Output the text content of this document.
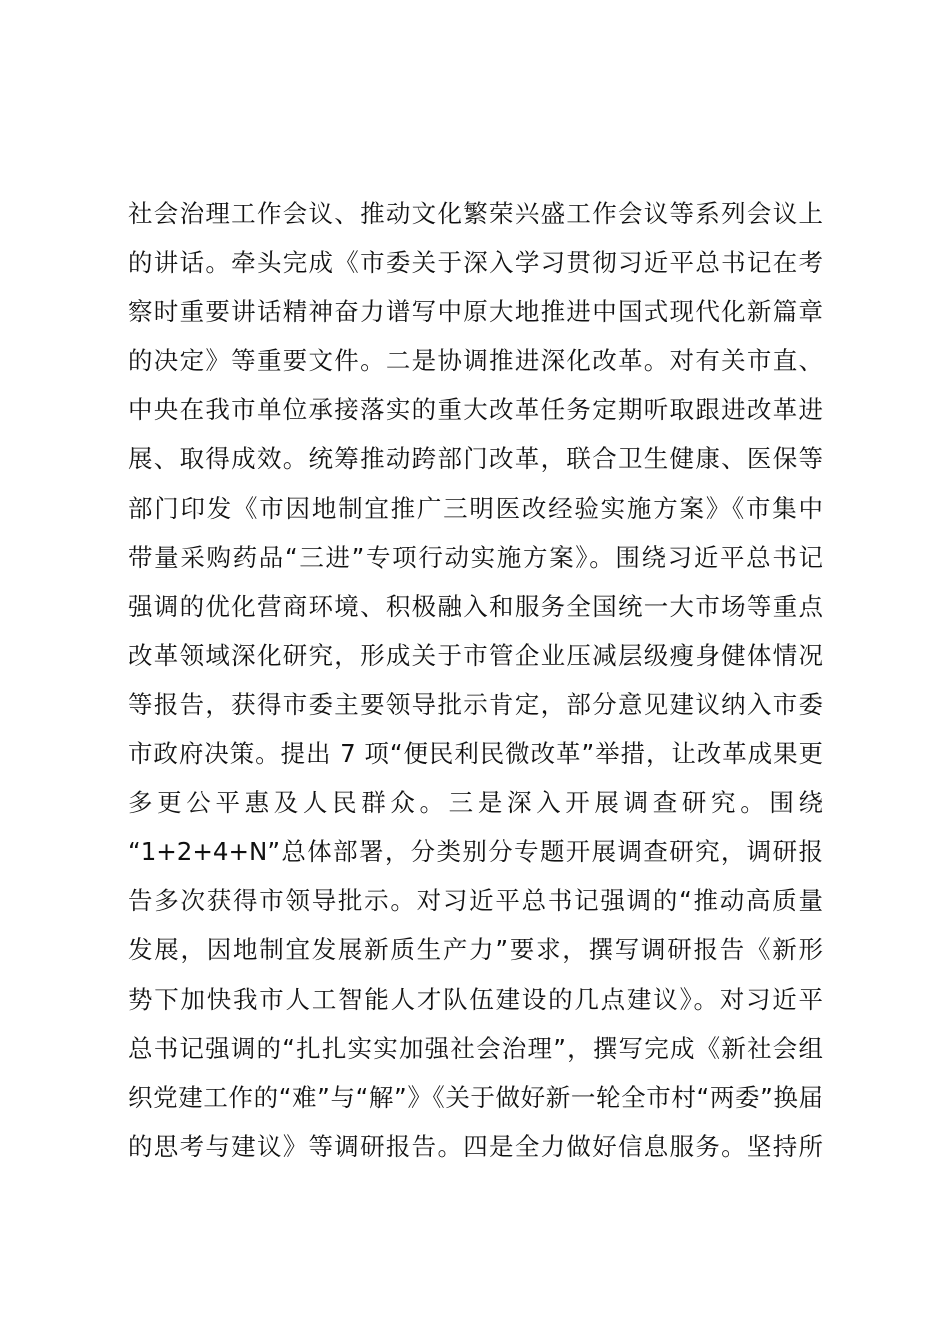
社会治理工作会议、推动文化繁荣兴盛工作会议等系列会议上
的讲话。牵头完成《市委关于深入学习贯彻习近平总书记在考
察时重要讲话精神奋力谱写中原大地推进中国式现代化新篇章
的决定》等重要文件。二是协调推进深化改革。对有关市直、
中央在我市单位承接落实的重大改革任务定期听取跟进改革进
展、取得成效。统筹推动跨部门改革，联合卫生健康、医保等
部门印发《市因地制宜推广三明医改经验实施方案》《市集中
带量采购药品“三进”专项行动实施方案》。围绕习近平总书记
强调的优化营商环境、积极融入和服务全国统一大市场等重点
改革领域深化研究，形成关于市管企业压减层级瘦身健体情况
等报告，获得市委主要领导批示肯定，部分意见建议纳入市委
市政府决策。提出 7 项“便民利民微改革”举措，让改革成果更
多更公平惠及人民群众。三是深入开展调查研究。围绕
“1+2+4+N”总体部署，分类别分专题开展调查研究，调研报
告多次获得市领导批示。对习近平总书记强调的“推动高质量
发展，因地制宜发展新质生产力”要求，撰写调研报告《新形
势下加快我市人工智能人才队伍建设的几点建议》。对习近平
总书记强调的“扎扎实实加强社会治理”，撰写完成《新社会组
织党建工作的“难”与“解”》《关于做好新一轮全市村“两委”换届
的思考与建议》等调研报告。四是全力做好信息服务。坚持所
